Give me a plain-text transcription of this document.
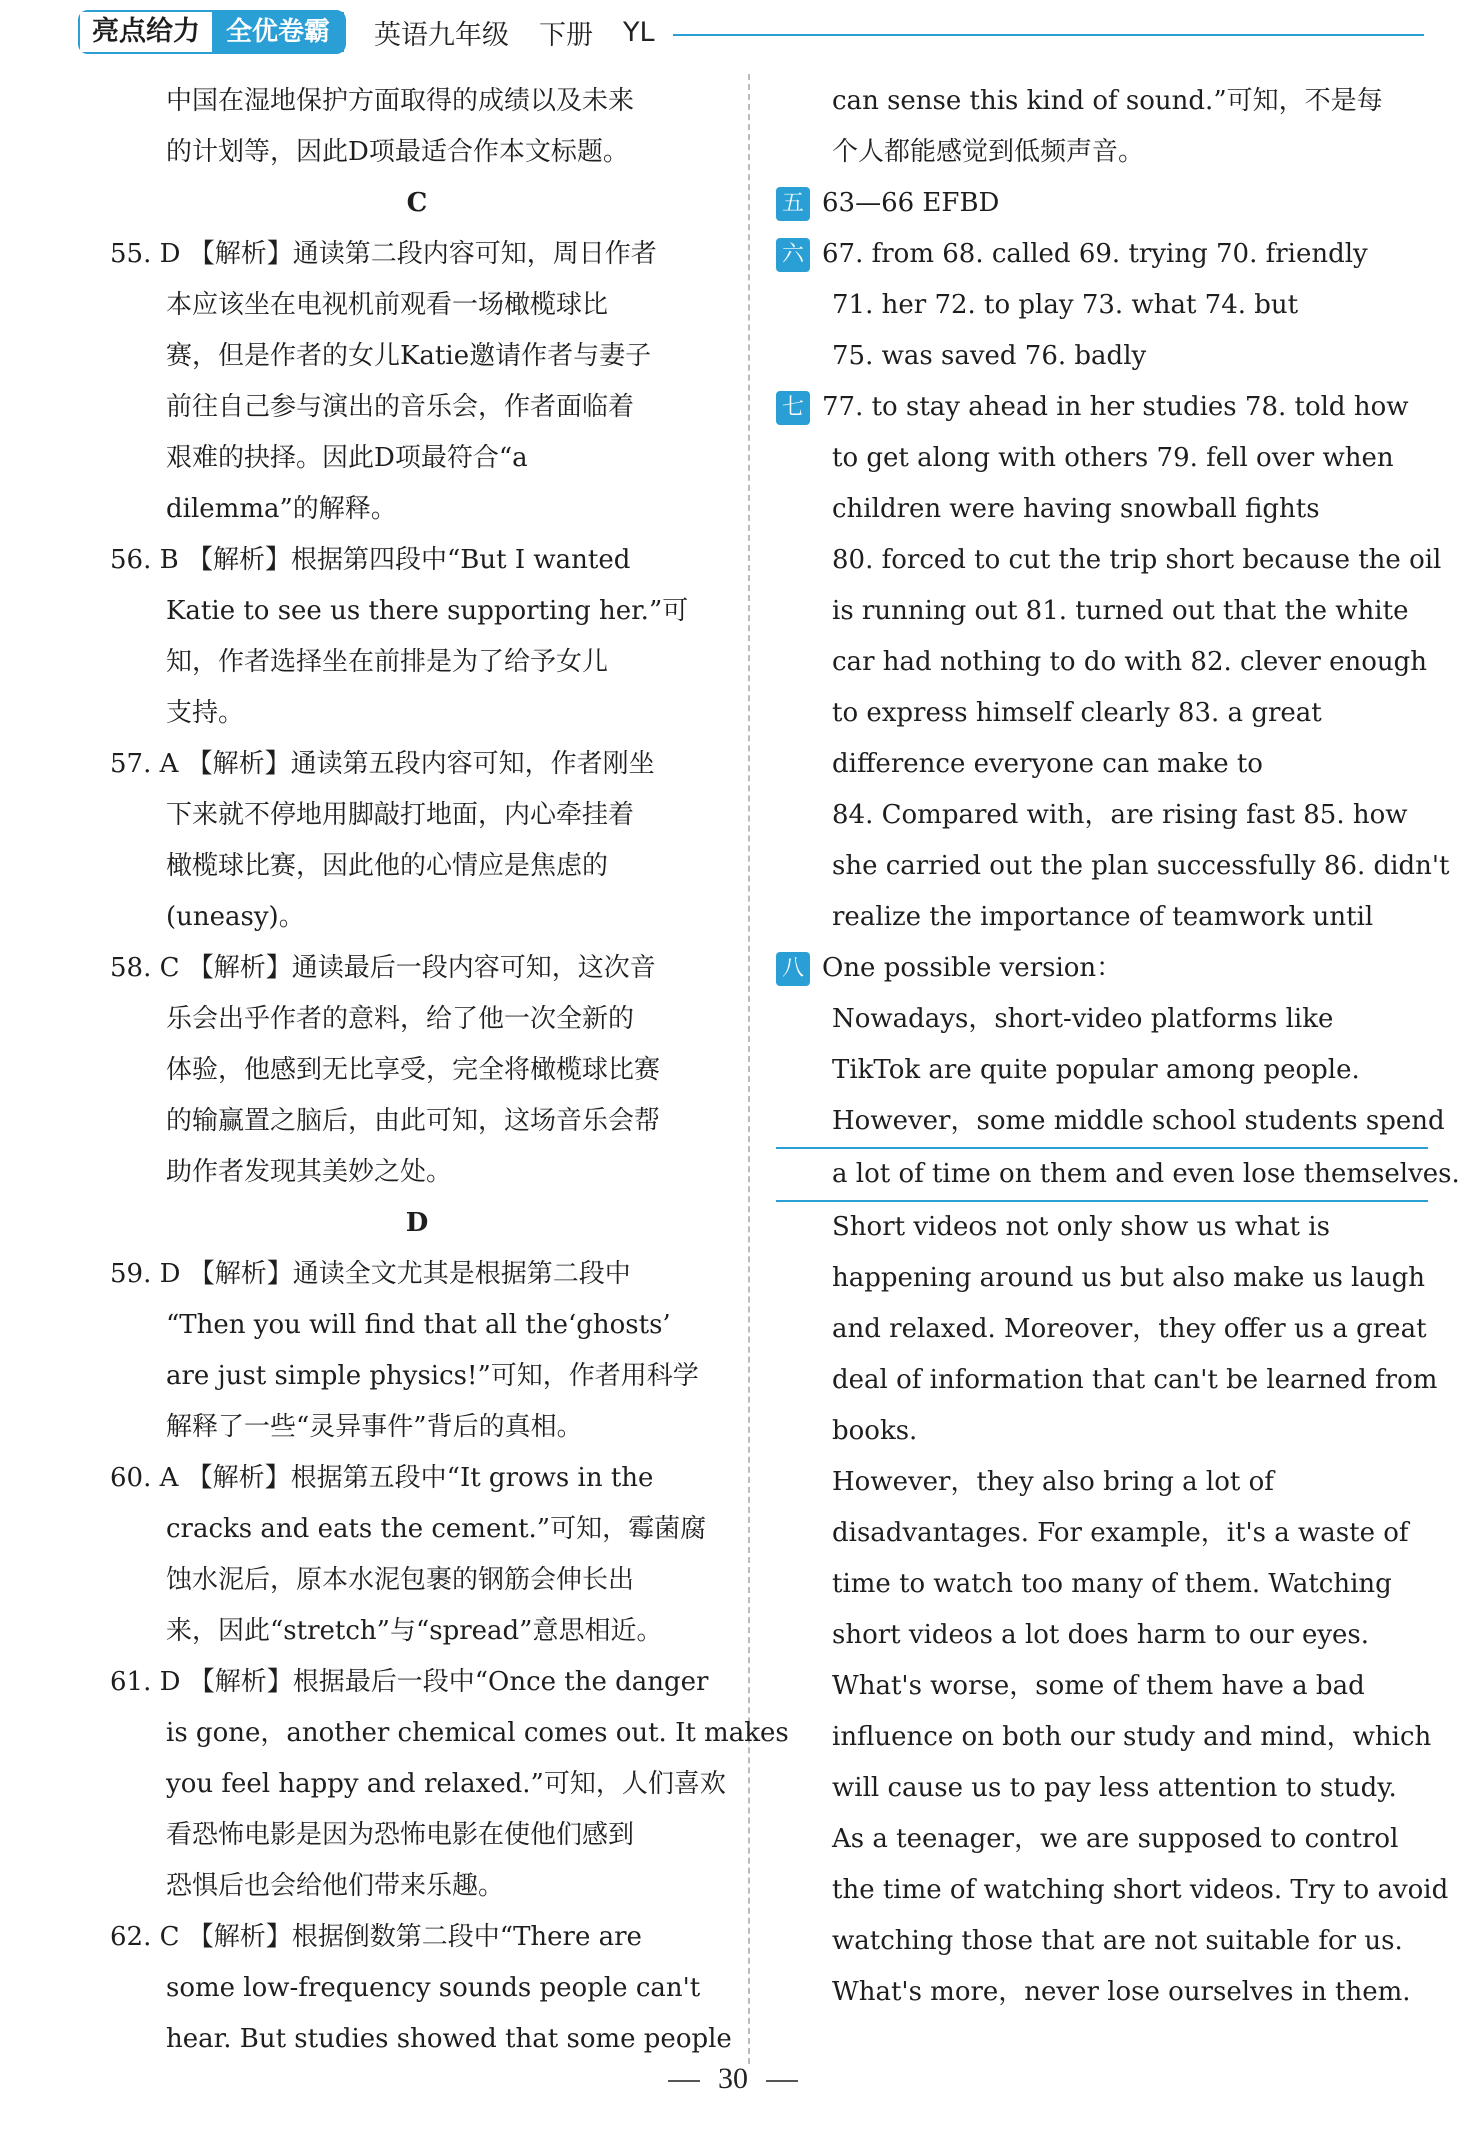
亮点给力	全优卷霸	英语九年级 下册 YL
中国在湿地保护方面取得的成绩以及未来
的计划等，因此D项最适合作本文标题。
C
55. D 【解析】通读第二段内容可知，周日作者
本应该坐在电视机前观看一场橄榄球比
赛，但是作者的女儿Katie邀请作者与妻子
前往自己参与演出的音乐会，作者面临着
艰难的抉择。因此D项最符合“a
dilemma”的解释。
56. B 【解析】根据第四段中“But I wanted
Katie to see us there supporting her.”可
知，作者选择坐在前排是为了给予女儿
支持。
57. A 【解析】通读第五段内容可知，作者刚坐
下来就不停地用脚敲打地面，内心牵挂着
橄榄球比赛，因此他的心情应是焦虑的
(uneasy)。
58. C 【解析】通读最后一段内容可知，这次音
乐会出乎作者的意料，给了他一次全新的
体验，他感到无比享受，完全将橄榄球比赛
的输赢置之脑后，由此可知，这场音乐会帮
助作者发现其美妙之处。
D
59. D 【解析】通读全文尤其是根据第二段中
“Then you will find that all the‘ghosts’
are just simple physics!”可知，作者用科学
解释了一些“灵异事件”背后的真相。
60. A 【解析】根据第五段中“It grows in the
cracks and eats the cement.”可知，霉菌腐
蚀水泥后，原本水泥包裹的钢筋会伸长出
来，因此“stretch”与“spread”意思相近。
61. D 【解析】根据最后一段中“Once the danger
is gone，another chemical comes out. It makes
you feel happy and relaxed.”可知，人们喜欢
看恐怖电影是因为恐怖电影在使他们感到
恐惧后也会给他们带来乐趣。
62. C 【解析】根据倒数第二段中“There are
some low-frequency sounds people can't
hear. But studies showed that some people
can sense this kind of sound.”可知，不是每
个人都能感觉到低频声音。
五 63—66 EFBD
六 67. from 68. called 69. trying 70. friendly
71. her 72. to play 73. what 74. but
75. was saved 76. badly
七 77. to stay ahead in her studies 78. told how
to get along with others 79. fell over when
children were having snowball fights
80. forced to cut the trip short because the oil
is running out 81. turned out that the white
car had nothing to do with 82. clever enough
to express himself clearly 83. a great
difference everyone can make to
84. Compared with，are rising fast 85. how
she carried out the plan successfully 86. didn't
realize the importance of teamwork until
八 One possible version：
Nowadays，short-video platforms like
TikTok are quite popular among people.
However，some middle school students spend
a lot of time on them and even lose themselves.
Short videos not only show us what is
happening around us but also make us laugh
and relaxed. Moreover，they offer us a great
deal of information that can't be learned from
books.
However，they also bring a lot of
disadvantages. For example，it's a waste of
time to watch too many of them. Watching
short videos a lot does harm to our eyes.
What's worse，some of them have a bad
influence on both our study and mind，which
will cause us to pay less attention to study.
As a teenager，we are supposed to control
the time of watching short videos. Try to avoid
watching those that are not suitable for us.
What's more，never lose ourselves in them.
30
